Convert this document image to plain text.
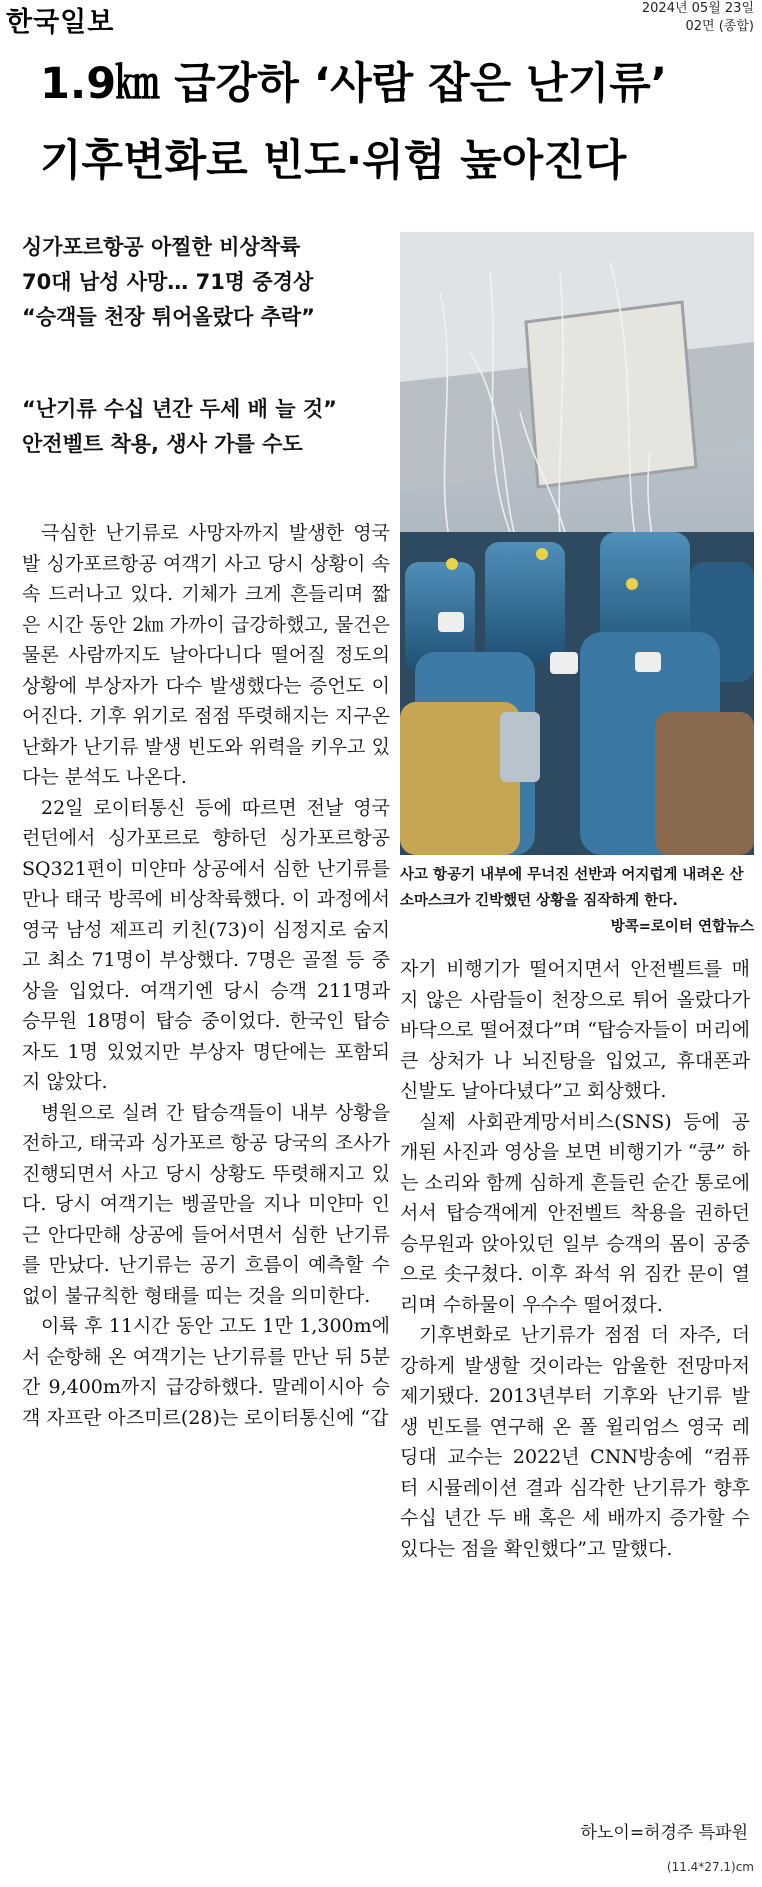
한국일보	2024년 05월 23일
02면 (종합)
1.9㎞ 급강하 ‘사람 잡은 난기류’
기후변화로 빈도·위험 높아진다
싱가포르항공 아찔한 비상착륙
70대 남성 사망… 71명 중경상
“승객들 천장 튀어올랐다 추락”
“난기류 수십 년간 두세 배 늘 것”
안전벨트 착용, 생사 가를 수도
사고 항공기 내부에 무너진 선반과 어지럽게 내려온 산소마스크가 긴박했던 상황을 짐작하게 한다.
방콕=로이터 연합뉴스

극심한 난기류로 사망자까지 발생한 영국발 싱가포르항공 여객기 사고 당시 상황이 속속 드러나고 있다. 기체가 크게 흔들리며 짧은 시간 동안 2㎞ 가까이 급강하했고, 물건은 물론 사람까지도 날아다니다 떨어질 정도의 상황에 부상자가 다수 발생했다는 증언도 이어진다. 기후 위기로 점점 뚜렷해지는 지구온난화가 난기류 발생 빈도와 위력을 키우고 있다는 분석도 나온다.

22일 로이터통신 등에 따르면 전날 영국 런던에서 싱가포르로 향하던 싱가포르항공 SQ321편이 미얀마 상공에서 심한 난기류를 만나 태국 방콕에 비상착륙했다. 이 과정에서 영국 남성 제프리 키친(73)이 심정지로 숨지고 최소 71명이 부상했다. 7명은 골절 등 중상을 입었다. 여객기엔 당시 승객 211명과 승무원 18명이 탑승 중이었다. 한국인 탑승자도 1명 있었지만 부상자 명단에는 포함되지 않았다.

병원으로 실려 간 탑승객들이 내부 상황을 전하고, 태국과 싱가포르 항공 당국의 조사가 진행되면서 사고 당시 상황도 뚜렷해지고 있다. 당시 여객기는 벵골만을 지나 미얀마 인근 안다만해 상공에 들어서면서 심한 난기류를 만났다. 난기류는 공기 흐름이 예측할 수 없이 불규칙한 형태를 띠는 것을 의미한다.

이륙 후 11시간 동안 고도 1만 1,300m에서 순항해 온 여객기는 난기류를 만난 뒤 5분간 9,400m까지 급강하했다. 말레이시아 승객 자프란 아즈미르(28)는 로이터통신에 “갑

자기 비행기가 떨어지면서 안전벨트를 매지 않은 사람들이 천장으로 튀어 올랐다가 바닥으로 떨어졌다”며 “탑승자들이 머리에 큰 상처가 나 뇌진탕을 입었고, 휴대폰과 신발도 날아다녔다”고 회상했다.

실제 사회관계망서비스(SNS) 등에 공개된 사진과 영상을 보면 비행기가 “쿵” 하는 소리와 함께 심하게 흔들린 순간 통로에 서서 탑승객에게 안전벨트 착용을 권하던 승무원과 앉아있던 일부 승객의 몸이 공중으로 솟구쳤다. 이후 좌석 위 짐칸 문이 열리며 수하물이 우수수 떨어졌다.

기후변화로 난기류가 점점 더 자주, 더 강하게 발생할 것이라는 암울한 전망마저 제기됐다. 2013년부터 기후와 난기류 발생 빈도를 연구해 온 폴 윌리엄스 영국 레딩대 교수는 2022년 CNN방송에 “컴퓨터 시뮬레이션 결과 심각한 난기류가 향후 수십 년간 두 배 혹은 세 배까지 증가할 수 있다는 점을 확인했다”고 말했다.

하노이=허경주 특파원
(11.4*27.1)cm
